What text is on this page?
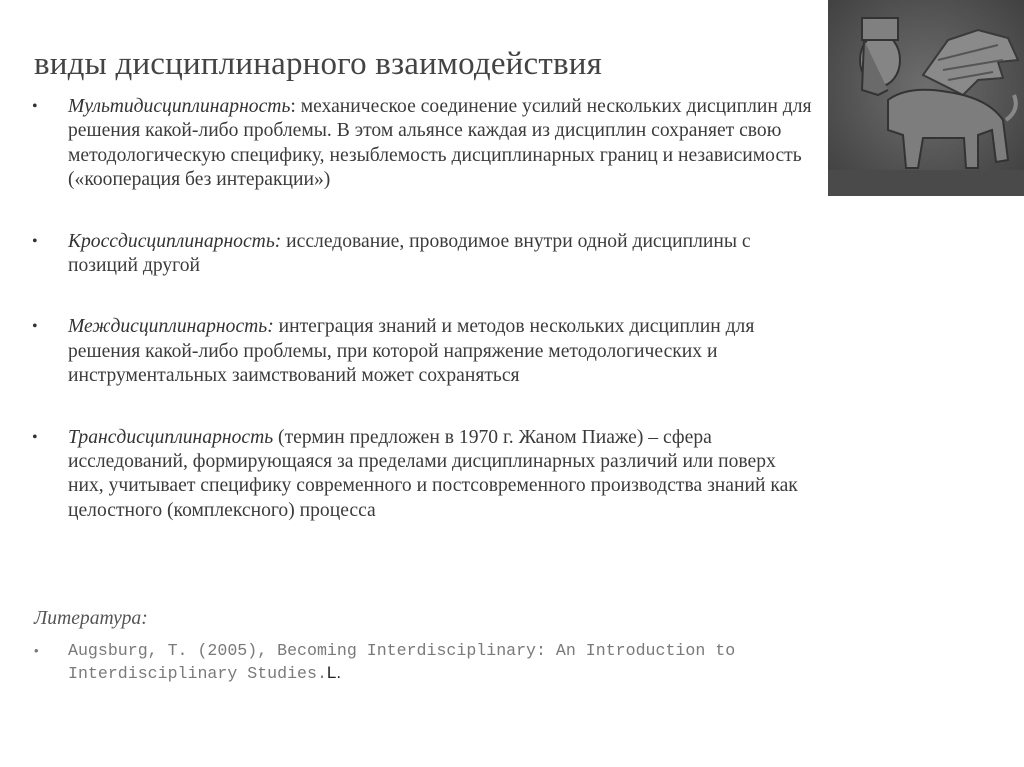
виды дисциплинарного взаимодействия
• Мультидисциплинарность: механическое соединение усилий нескольких дисциплин для решения какой-либо проблемы. В этом альянсе каждая из дисциплин сохраняет свою методологическую специфику, незыблемость дисциплинарных границ и независимость («кооперация без интеракции»)
• Кроссдисциплинарность: исследование, проводимое внутри одной дисциплины с позиций другой
• Междисциплинарность: интеграция знаний и методов нескольких дисциплин для решения какой-либо проблемы, при которой напряжение методологических и инструментальных заимствований может сохраняться
• Трансдисциплинарность (термин предложен в 1970 г. Жаном Пиаже) – сфера исследований, формирующаяся за пределами дисциплинарных различий или поверх них, учитывает специфику современного и постсовременного производства знаний как целостного (комплексного) процесса
Литература:
• Augsburg, T. (2005), Becoming Interdisciplinary: An Introduction to Interdisciplinary Studies.L.
